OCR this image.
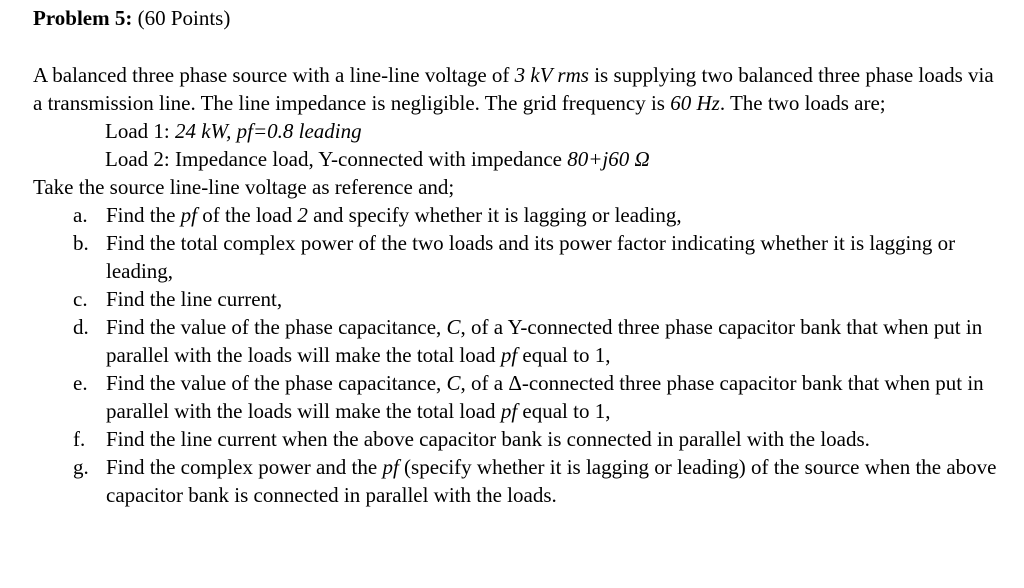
Problem 5: (60 Points)

A balanced three phase source with a line-line voltage of 3 kV rms is supplying two balanced three phase loads via a transmission line. The line impedance is negligible. The grid frequency is 60 Hz. The two loads are;

Load 1: 24 kW, pf=0.8 leading

Load 2: Impedance load, Y-connected with impedance 80+j60 Ω

Take the source line-line voltage as reference and;

a. Find the pf of the load 2 and specify whether it is lagging or leading,
b. Find the total complex power of the two loads and its power factor indicating whether it is lagging or leading,
c. Find the line current,
d. Find the value of the phase capacitance, C, of a Y-connected three phase capacitor bank that when put in parallel with the loads will make the total load pf equal to 1,
e. Find the value of the phase capacitance, C, of a Δ-connected three phase capacitor bank that when put in parallel with the loads will make the total load pf equal to 1,
f. Find the line current when the above capacitor bank is connected in parallel with the loads.
g. Find the complex power and the pf (specify whether it is lagging or leading) of the source when the above capacitor bank is connected in parallel with the loads.
